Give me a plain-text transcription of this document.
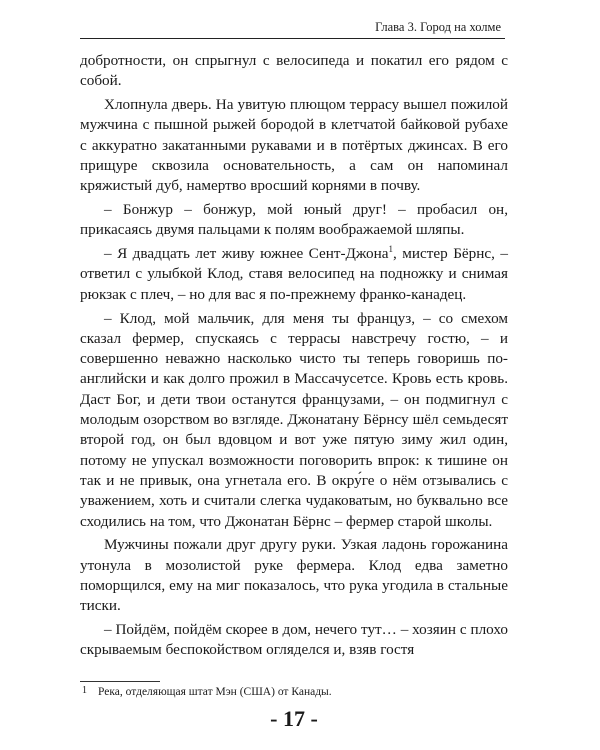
Глава 3. Город на холме

добротности, он спрыгнул с велосипеда и покатил его рядом с собой.

Хлопнула дверь. На увитую плющом террасу вышел пожилой мужчина с пышной рыжей бородой в клетчатой байковой рубахе с аккуратно закатанными рукавами и в потёртых джинсах. В его прищуре сквозила основательность, а сам он напоминал кряжистый дуб, намертво вросший корнями в почву.

– Бонжур – бонжур, мой юный друг! – пробасил он, прикасаясь двумя пальцами к полям воображаемой шляпы.

– Я двадцать лет живу южнее Сент-Джона$^1$, мистер Бёрнс, – ответил с улыбкой Клод, ставя велосипед на подножку и снимая рюкзак с плеч, – но для вас я по-прежнему франко-канадец.

– Клод, мой мальчик, для меня ты француз, – со смехом сказал фермер, спускаясь с террасы навстречу гостю, – и совершенно неважно насколько чисто ты теперь говоришь по-английски и как долго прожил в Массачусетсе. Кровь есть кровь. Даст Бог, и дети твои останутся французами, – он подмигнул с молодым озорством во взгляде. Джонатану Бёрнсу шёл семьдесят второй год, он был вдовцом и вот уже пятую зиму жил один, потому не упускал возможности поговорить впрок: к тишине он так и не привык, она угнетала его. В окру́ге о нём отзывались с уважением, хоть и считали слегка чудаковатым, но буквально все сходились на том, что Джонатан Бёрнс – фермер старой школы.

Мужчины пожали друг другу руки. Узкая ладонь горожанина утонула в мозолистой руке фермера. Клод едва заметно поморщился, ему на миг показалось, что рука угодила в стальные тиски.

– Пойдём, пойдём скорее в дом, нечего тут… – хозяин с плохо скрываемым беспокойством огляделся и, взяв гостя

1 Река, отделяющая штат Мэн (США) от Канады.
- 17 -
